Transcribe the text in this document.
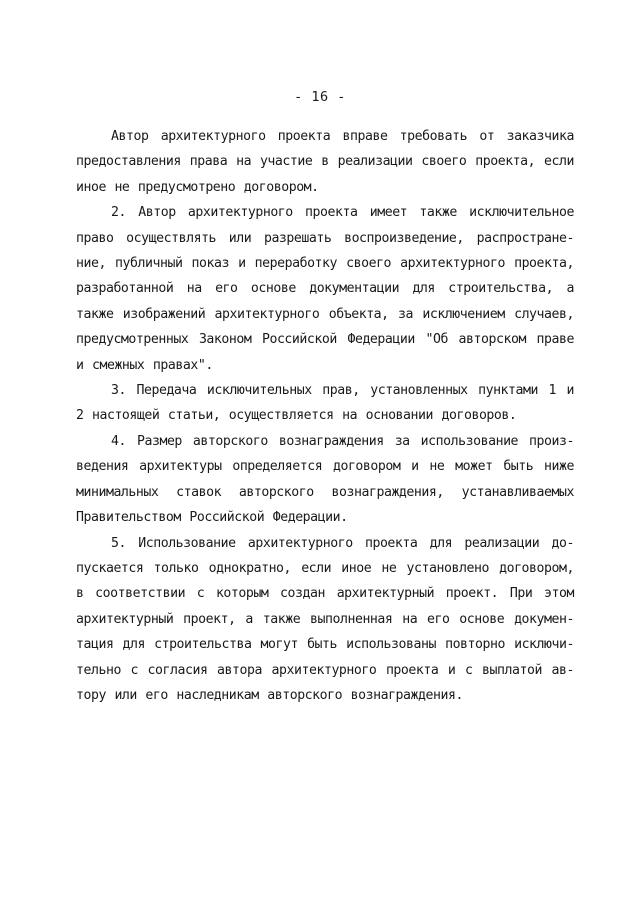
- 16 -

Автор архитектурного проекта вправе требовать от заказчика
предоставления права на участие в реализации своего проекта, если
иное не предусмотрено договором.

2. Автор архитектурного проекта имеет также исключительное
право осуществлять или разрешать воспроизведение, распростране-
ние, публичный показ и переработку своего архитектурного проекта,
разработанной на его основе документации для строительства, а
также изображений архитектурного объекта, за исключением случаев,
предусмотренных Законом Российской Федерации "Об авторском праве
и смежных правах".

3. Передача исключительных прав, установленных пунктами 1 и
2 настоящей статьи, осуществляется на основании договоров.

4. Размер авторского вознаграждения за использование произ-
ведения архитектуры определяется договором и не может быть ниже
минимальных ставок авторского вознаграждения, устанавливаемых
Правительством Российской Федерации.

5. Использование архитектурного проекта для реализации до-
пускается только однократно, если иное не установлено договором,
в соответствии с которым создан архитектурный проект. При этом
архитектурный проект, а также выполненная на его основе докумен-
тация для строительства могут быть использованы повторно исключи-
тельно с согласия автора архитектурного проекта и с выплатой ав-
тору или его наследникам авторского вознаграждения.
